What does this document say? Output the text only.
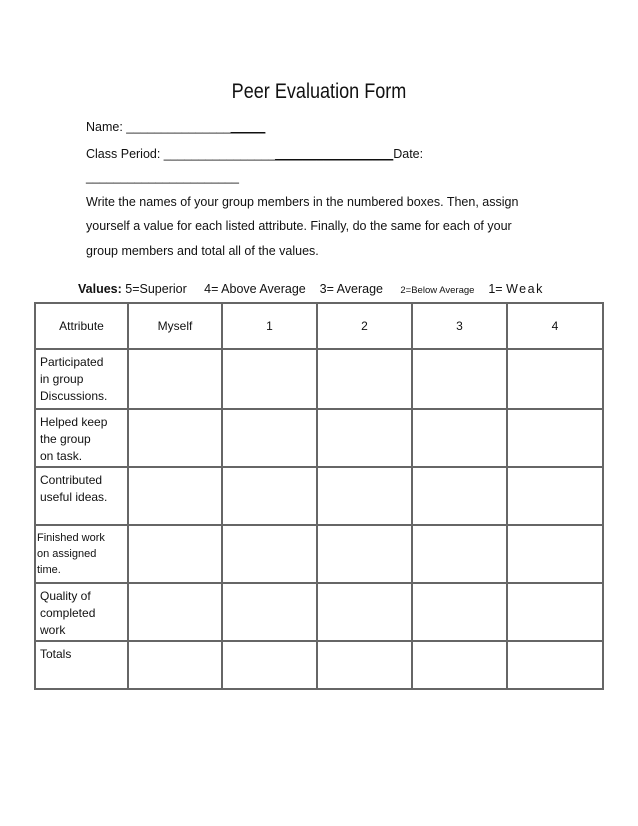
Peer Evaluation Form
Name: ____________________
Class Period: _________________________________Date:
______________________
Write the names of your group members in the numbered boxes. Then, assign
yourself a value for each listed attribute. Finally, do the same for each of your
group members and total all of the values.
Values: 5=Superior 4= Above Average 3= Average 2=Below Average 1= Weak
Attribute	Myself	1	2	3	4

Participated
in group
Discussions.					

Helped keep
the group
on task.					

Contributed
useful ideas.					

Finished work
on assigned
time.					

Quality of
completed
work					

Totals					
